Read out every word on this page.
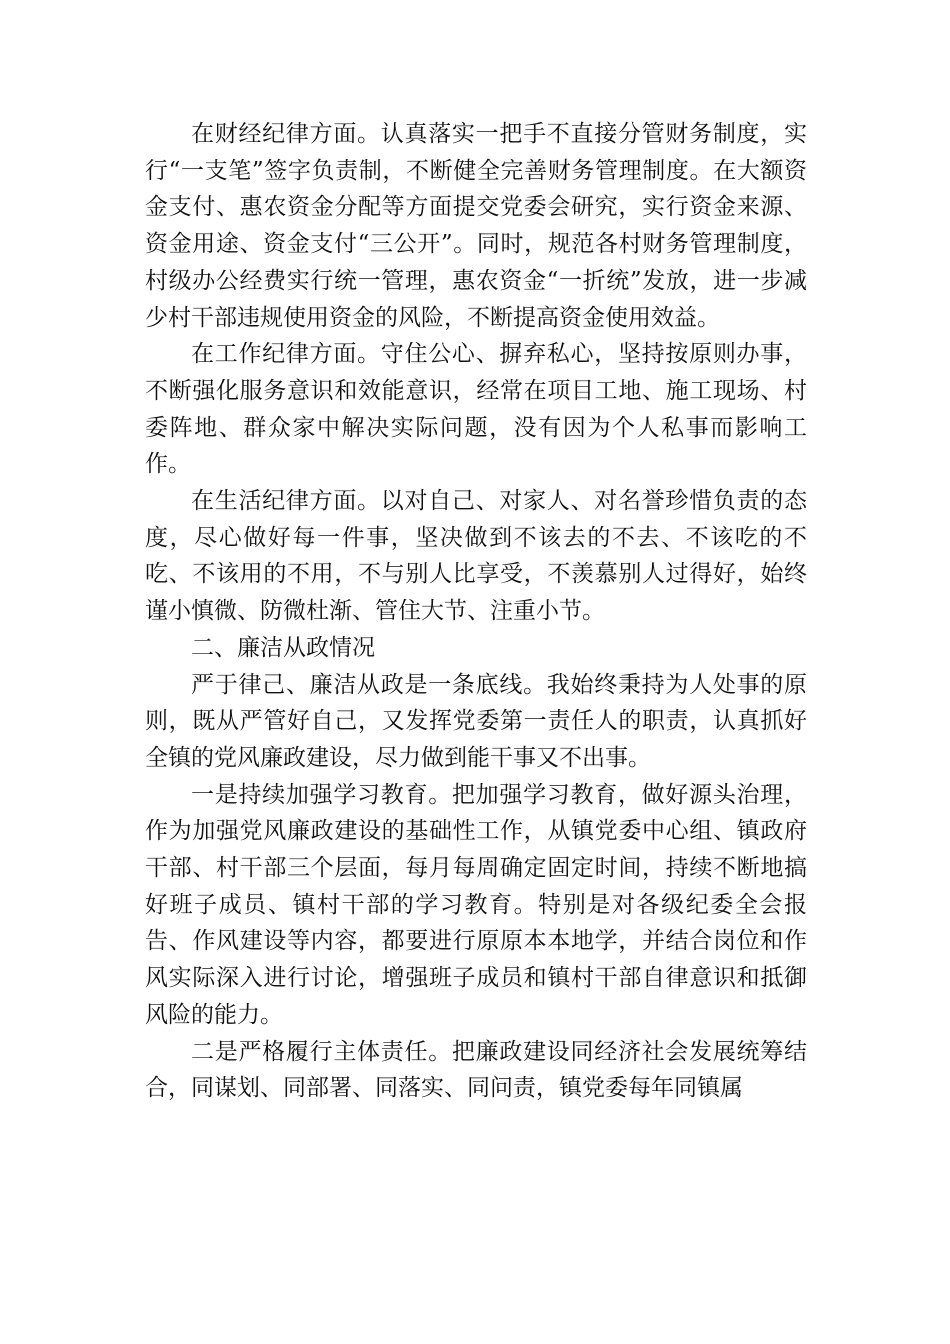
在财经纪律方面。认真落实一把手不直接分管财务制度，实行“一支笔”签字负责制，不断健全完善财务管理制度。在大额资金支付、惠农资金分配等方面提交党委会研究，实行资金来源、资金用途、资金支付“三公开”。同时，规范各村财务管理制度，村级办公经费实行统一管理，惠农资金“一折统”发放，进一步减少村干部违规使用资金的风险，不断提高资金使用效益。

在工作纪律方面。守住公心、摒弃私心，坚持按原则办事，不断强化服务意识和效能意识，经常在项目工地、施工现场、村委阵地、群众家中解决实际问题，没有因为个人私事而影响工作。

在生活纪律方面。以对自己、对家人、对名誉珍惜负责的态度，尽心做好每一件事，坚决做到不该去的不去、不该吃的不吃、不该用的不用，不与别人比享受，不羡慕别人过得好，始终谨小慎微、防微杜渐、管住大节、注重小节。

二、廉洁从政情况

严于律己、廉洁从政是一条底线。我始终秉持为人处事的原则，既从严管好自己，又发挥党委第一责任人的职责，认真抓好全镇的党风廉政建设，尽力做到能干事又不出事。

一是持续加强学习教育。把加强学习教育，做好源头治理，作为加强党风廉政建设的基础性工作，从镇党委中心组、镇政府干部、村干部三个层面，每月每周确定固定时间，持续不断地搞好班子成员、镇村干部的学习教育。特别是对各级纪委全会报告、作风建设等内容，都要进行原原本本地学，并结合岗位和作风实际深入进行讨论，增强班子成员和镇村干部自律意识和抵御风险的能力。

二是严格履行主体责任。把廉政建设同经济社会发展统筹结合，同谋划、同部署、同落实、同问责，镇党委每年同镇属
